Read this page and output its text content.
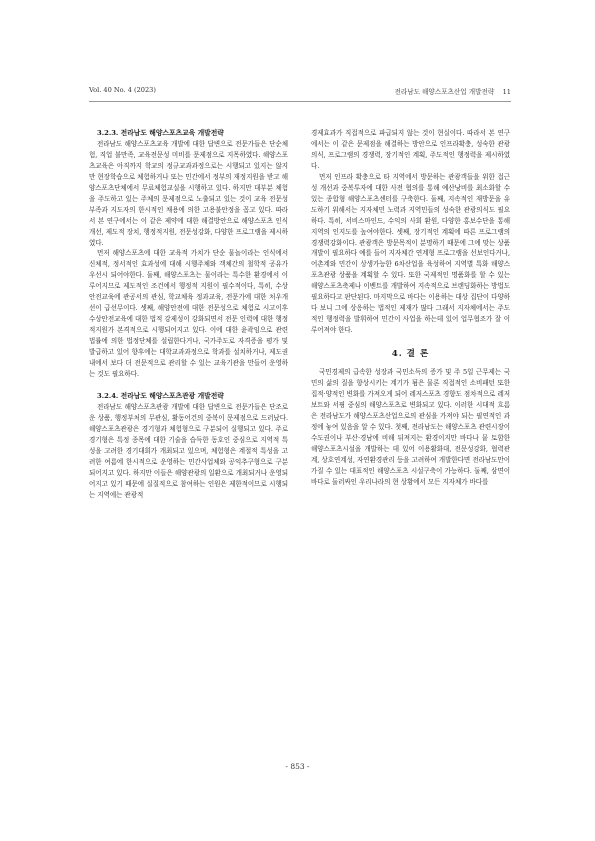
Vol. 40 No. 4 (2023)	전라남도 해양스포츠산업 개발전략 11
3.2.3. 전라남도 해양스포츠교육 개발전략

전라남도 해양스포츠교육 개발에 대한 답변으로 전문가들은 단순체험, 직업 불만족, 교육전문성 미비를 문제점으로 지목하였다. 해양스포츠교육은 아직까지 학교의 정규교과과정으로는 시행되고 있지는 않지만 현장학습으로 체험하거나 또는 민간에서 정부의 재정지원을 받고 해양스포츠단체에서 무료체험교실을 시행하고 있다. 하지만 대부분 체험을 주도하고 있는 주체의 문제점으로 노출되고 있는 것이 교육 전문성부족과 지도자의 한시적인 채용에 의한 고용불안정을 꼽고 있다. 따라서 본 연구에서는 이 같은 제약에 대한 해결방안으로 해양스포츠 인식개선, 제도적 장치, 행정적지원, 전문성강화, 다양한 프로그램을 제시하였다.

먼저 해양스포츠에 대한 교육적 가치가 단순 물놀이라는 인식에서 신체적, 정서적인 효과성에 대해 시행주체와 객체간의 철학적 공유가 우선시 되어야한다. 둘째, 해양스포츠는 물이라는 특수한 환경에서 이루어지므로 제도적인 조건에서 행정적 지원이 필수적이다, 특히, 수상안전교육에 관공서의 관심, 학교체육 정과교육, 전문가에 대한 처우개선이 급선무이다. 셋째, 해양안전에 대한 전문성으로 체험로 시고이후 수상안전교육에 대한 법적 강제성이 강화되면서 전문 인력에 대한 행정적지원가 본격적으로 시행되어지고 있다. 이에 대한 윤곽임으로 관련 법률에 의한 법정단체를 설립한다거나, 국가주도로 자격증을 평가 및 발급하고 있어 향후에는 대학교과과정으로 학과를 설치하거나, 제도권 내에서 보다 더 전문적으로 관리할 수 있는 교육기관을 만들어 운영하는 것도 필요하다.

3.2.4. 전라남도 해양스포츠관광 개발전략

전라남도 해양스포츠관광 개발에 대한 답변으로 전문가들은 단조로운 상품, 행정부처의 무관심, 활동어건의 중복이 문제점으로 드러났다. 해양스포츠관광은 경기형과 체험형으로 구분되어 실행되고 있다. 주로 경기형은 특정 종목에 대한 기술을 습득한 동호인 중심으로 지역적 특성을 고려한 경기대회가 개최되고 있으며, 체험형은 계절적 특성을 고려한 여름에 한시적으로 운영하는 민간사업체와 공익추구형으로 구분되어지고 있다. 하지만 이들은 해양관광의 일환으로 개최되거나 운영되어지고 있기 때문에 실질적으로 참여하는 인원은 제한적이므로 시행되는 지역에는 관광적

경제효과가 직접적으로 파급되지 않는 것이 현실이다. 따라서 본 연구에서는 이 같은 문제점을 해결하는 방안으로 인프라확충, 성숙한 관광의식, 프로그램의 경쟁력, 장기적인 계획, 주도적인 행정력을 제시하였다.

먼저 인프라 확충으로 타 지역에서 방문하는 관광객들을 위한 접근성 개선과 중복투자에 대한 사전 협의를 통해 예산낭비를 최소화할 수 있는 종합형 해양스포츠센터를 구축한다. 둘째, 지속적인 재방문을 유도하기 위해서는 지자체민 노력과 지역민들의 성숙한 관광의식도 필요하다. 특히, 서비스마인드, 수익의 사회 환원, 다양한 홍보수단을 통해 지역의 인지도를 높여야한다. 셋째, 장기적인 계획에 따른 프로그램의 경쟁력강화이다. 관광객은 방문목적이 분명하기 때문에 그에 맞는 상품개발이 필요하다 예를 들어 지자체간 연계형 프로그램을 선보인다거나, 어촌계와 민간이 상생가능한 6차산업을 육성하여 지역별 특화 해양스포츠관광 상품을 계획할 수 있다. 또한 국제적인 명품화를 할 수 있는 해양스포츠축제나 이벤트를 개발하여 지속적으로 브랜딩화하는 방법도 필요하다고 판단된다. 마지막으로 바다는 이용하는 대상 집단이 다양하다 보니 그에 상응하는 법적인 제재가 많다 그래서 지자체에서는 주도적인 행정력을 발휘하여 민간이 사업을 하는데 있어 업무협조가 잘 이루어져야 한다.

4. 결 론

국민경제의 급속한 성장과 국민소득의 증가 및 주 5일 근무제는 국민의 삶의 질을 향상시키는 계기가 됨은 물론 직접적인 소비패턴 또한 집적·양적인 변화를 가져오게 되어 레저스포츠 경향도 점차적으로 레저보트와 서핑 중심의 해양스포츠로 변화되고 있다. 이러한 시대적 흐름은 전라남도가 해양스포츠산업으로의 관심을 가져야 되는 필연적인 과정에 놓여 있음을 알 수 있다. 첫째, 전라남도는 해양스포츠 관련시장이 수도권이나 부산·경남에 비해 뒤져지는 환경이지만 바다나 뭍 토함한 해양스포츠시설을 개발하는 데 있어 이용활화대, 전문성강화, 협력관계, 상호연계성, 자연환경관리 등을 고려하여 개발한다면 전라남도만이 가질 수 있는 대표적인 해양스포츠 시설구축이 가능하다. 둘째, 삼면이 바다로 둘러싸인 우리나라의 현 상황에서 모든 지자체가 바다를

- 853 -
